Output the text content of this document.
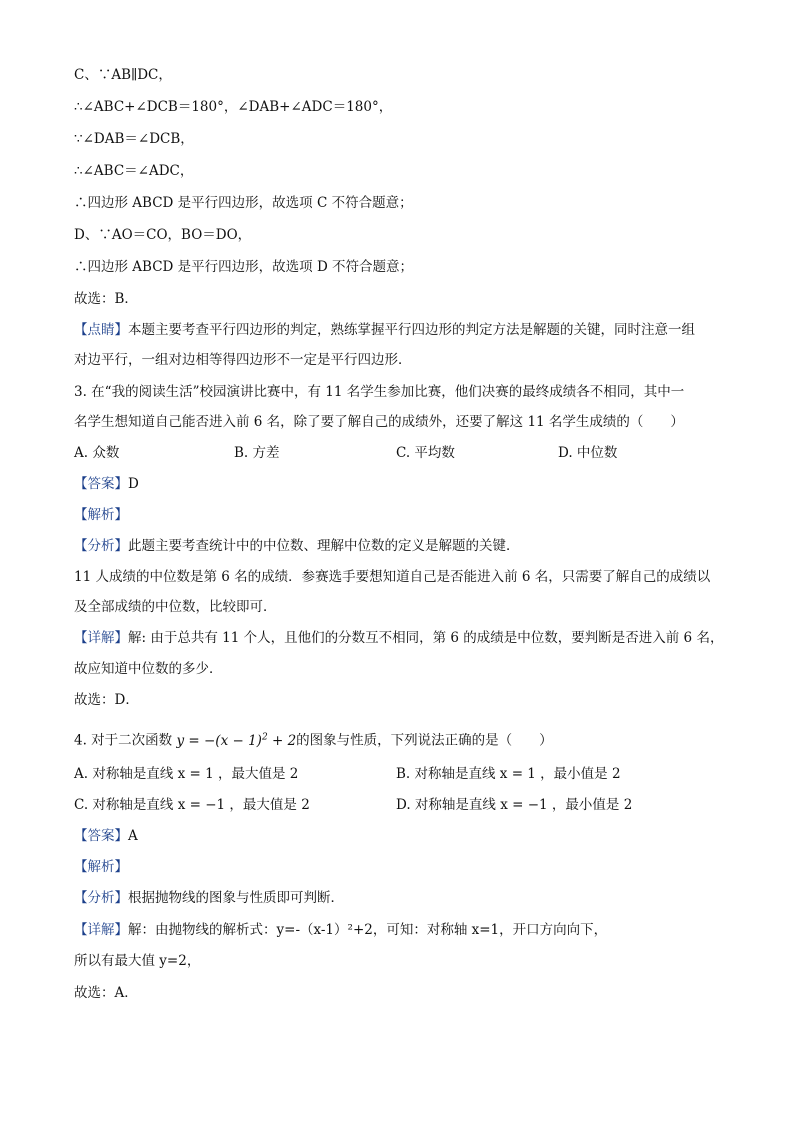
C、∵AB∥DC，
∴∠ABC+∠DCB＝180°，∠DAB+∠ADC＝180°，
∵∠DAB＝∠DCB，
∴∠ABC＝∠ADC，
∴四边形 ABCD 是平行四边形，故选项 C 不符合题意；
D、∵AO＝CO，BO＝DO，
∴四边形 ABCD 是平行四边形，故选项 D 不符合题意；
故选：B．
【点睛】本题主要考查平行四边形的判定，熟练掌握平行四边形的判定方法是解题的关键，同时注意一组
对边平行，一组对边相等得四边形不一定是平行四边形．
3. 在“我的阅读生活”校园演讲比赛中，有 11 名学生参加比赛，他们决赛的最终成绩各不相同，其中一
名学生想知道自己能否进入前 6 名，除了要了解自己的成绩外，还要了解这 11 名学生成绩的（　　）
A. 众数	B. 方差	C. 平均数	D. 中位数
【答案】D
【解析】
【分析】此题主要考查统计中的中位数、理解中位数的定义是解题的关键．
11 人成绩的中位数是第 6 名的成绩．参赛选手要想知道自己是否能进入前 6 名，只需要了解自己的成绩以
及全部成绩的中位数，比较即可．
【详解】解: 由于总共有 11 个人，且他们的分数互不相同，第 6 的成绩是中位数，要判断是否进入前 6 名，
故应知道中位数的多少．
故选：D．
4. 对于二次函数 $y = -(x - 1)^2 + 2$的图象与性质，下列说法正确的是（　　）
A. 对称轴是直线 x = 1 ，最大值是 2	B. 对称轴是直线 x = 1 ，最小值是 2
C. 对称轴是直线 x = −1 ，最大值是 2	D. 对称轴是直线 x = −1 ，最小值是 2
【答案】A
【解析】
【分析】根据抛物线的图象与性质即可判断．
【详解】解：由抛物线的解析式：y=-（x-1）²+2，可知：对称轴 x=1，开口方向向下，
所以有最大值 y=2，
故选：A．
